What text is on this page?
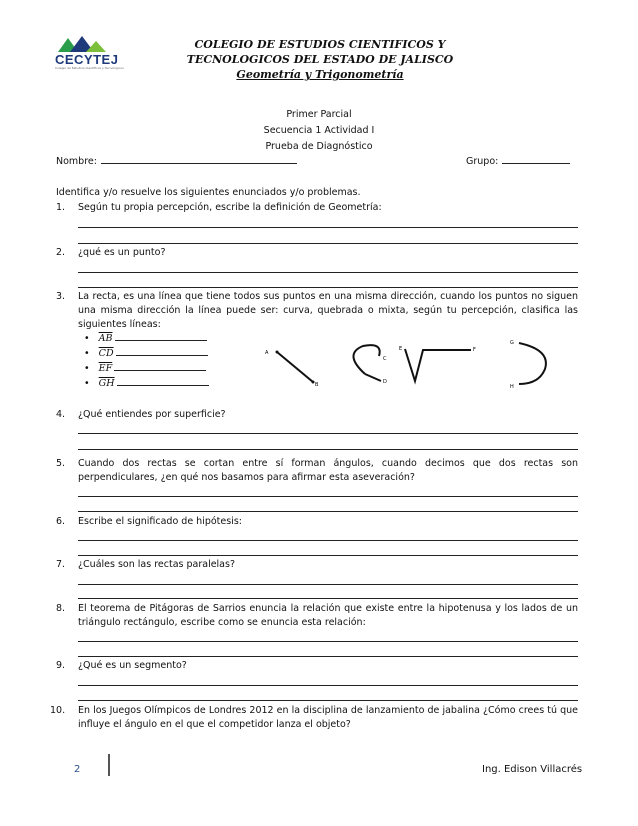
CECYTEJ
Colegio de Estudios Científicos y Tecnológicos
COLEGIO DE ESTUDIOS CIENTIFICOS Y
TECNOLOGICOS DEL ESTADO DE JALISCO
Geometría y Trigonometría
Primer Parcial
Secuencia 1 Actividad I
Prueba de Diagnóstico
Nombre:	Grupo:
Identifica y/o resuelve los siguientes enunciados y/o problemas.
1. Según tu propia percepción, escribe la definición de Geometría:
2. ¿qué es un punto?
3. La recta, es una línea que tiene todos sus puntos en una misma dirección, cuando los puntos no siguen una misma dirección la línea puede ser: curva, quebrada o mixta, según tu percepción, clasifica las siguientes líneas:
• $\overline{AB}$
• $\overline{CD}$
• $\overline{EF}$
• $\overline{GH}$
A
B
C
D
E	F
G
H
4. ¿Qué entiendes por superficie?
5. Cuando dos rectas se cortan entre sí forman ángulos, cuando decimos que dos rectas son perpendiculares, ¿en qué nos basamos para afirmar esta aseveración?
6. Escribe el significado de hipótesis:
7. ¿Cuáles son las rectas paralelas?
8. El teorema de Pitágoras de Sarrios enuncia la relación que existe entre la hipotenusa y los lados de un triángulo rectángulo, escribe como se enuncia esta relación:
9. ¿Qué es un segmento?
10. En los Juegos Olímpicos de Londres 2012 en la disciplina de lanzamiento de jabalina ¿Cómo crees tú que influye el ángulo en el que el competidor lanza el objeto?
2	Ing. Edison Villacrés
